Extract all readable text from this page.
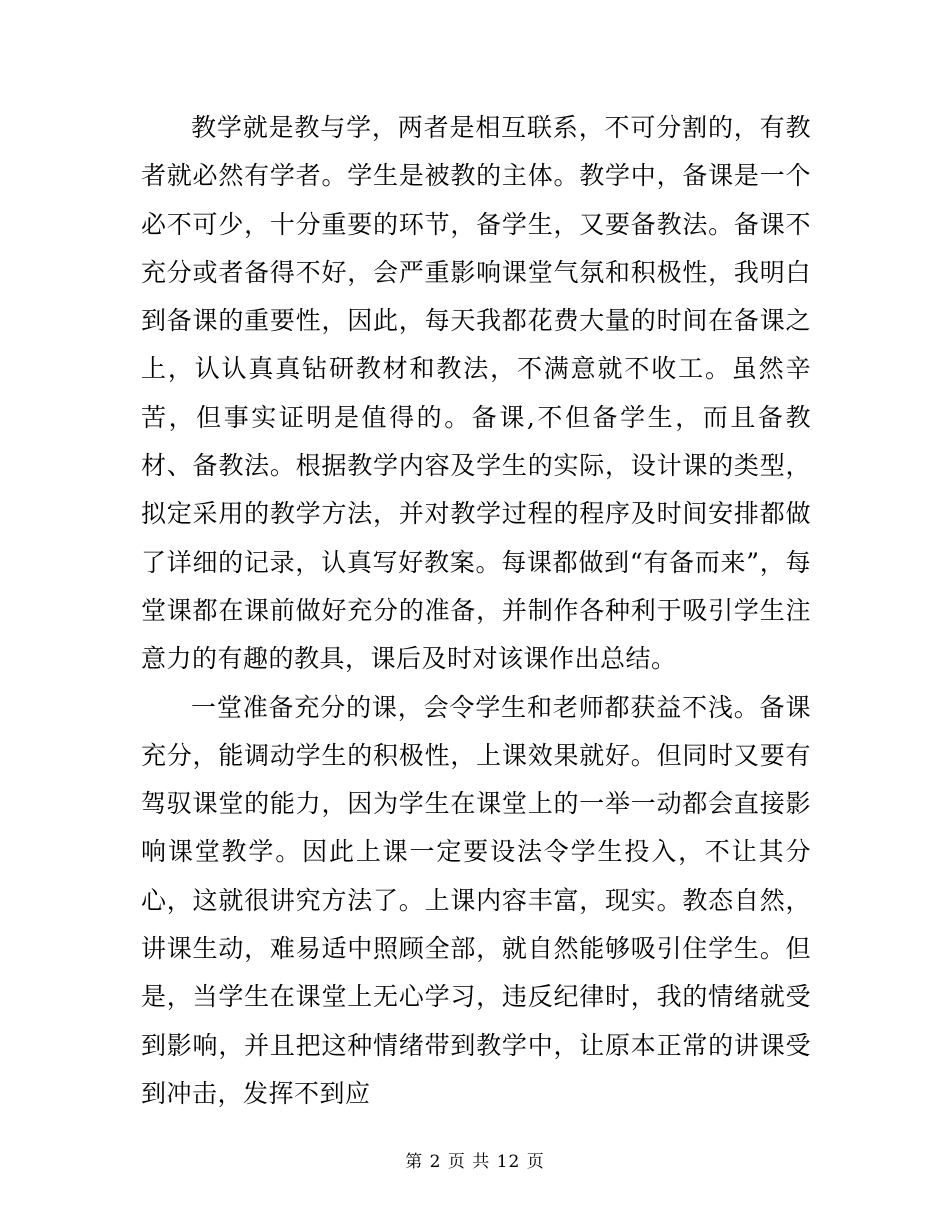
教学就是教与学，两者是相互联系，不可分割的，有教者就必然有学者。学生是被教的主体。教学中，备课是一个必不可少，十分重要的环节，备学生，又要备教法。备课不充分或者备得不好，会严重影响课堂气氛和积极性，我明白到备课的重要性，因此，每天我都花费大量的时间在备课之上，认认真真钻研教材和教法，不满意就不收工。虽然辛苦，但事实证明是值得的。备课,不但备学生，而且备教材、备教法。根据教学内容及学生的实际，设计课的类型，拟定采用的教学方法，并对教学过程的程序及时间安排都做了详细的记录，认真写好教案。每课都做到“有备而来”，每堂课都在课前做好充分的准备，并制作各种利于吸引学生注意力的有趣的教具，课后及时对该课作出总结。

一堂准备充分的课，会令学生和老师都获益不浅。备课充分，能调动学生的积极性，上课效果就好。但同时又要有驾驭课堂的能力，因为学生在课堂上的一举一动都会直接影响课堂教学。因此上课一定要设法令学生投入，不让其分心，这就很讲究方法了。上课内容丰富，现实。教态自然，讲课生动，难易适中照顾全部，就自然能够吸引住学生。但是，当学生在课堂上无心学习，违反纪律时，我的情绪就受到影响，并且把这种情绪带到教学中，让原本正常的讲课受到冲击，发挥不到应

第 2 页 共 12 页
